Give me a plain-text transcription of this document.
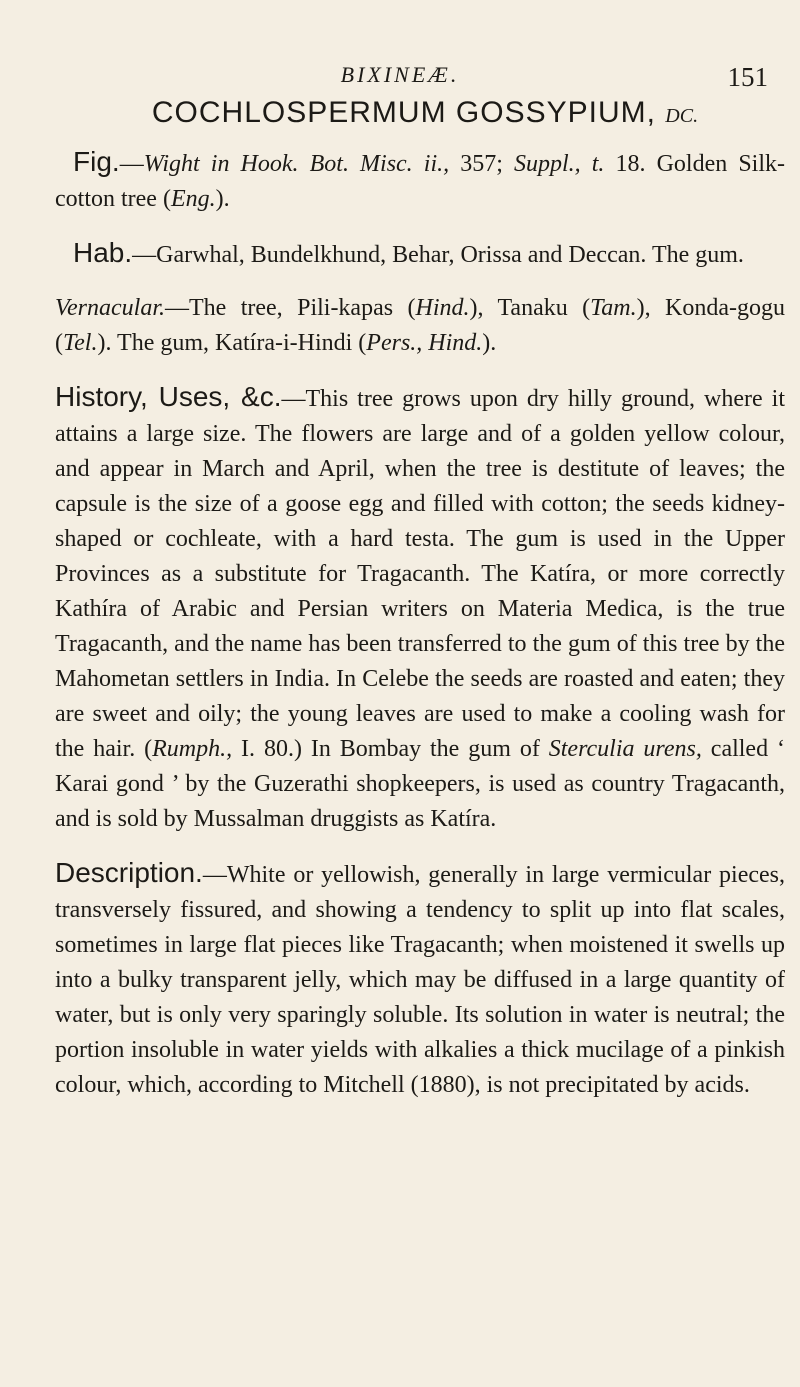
BIXINEÆ.	151
COCHLOSPERMUM GOSSYPIUM, DC.

Fig.—Wight in Hook. Bot. Misc. ii., 357; Suppl., t. 18. Golden Silk-cotton tree (Eng.).

Hab.—Garwhal, Bundelkhund, Behar, Orissa and Deccan. The gum.

Vernacular.—The tree, Pili-kapas (Hind.), Tanaku (Tam.), Konda-gogu (Tel.). The gum, Katíra-i-Hindi (Pers., Hind.).

History, Uses, &c.—This tree grows upon dry hilly ground, where it attains a large size. The flowers are large and of a golden yellow colour, and appear in March and April, when the tree is destitute of leaves; the capsule is the size of a goose egg and filled with cotton; the seeds kidney-shaped or cochleate, with a hard testa. The gum is used in the Upper Provinces as a substitute for Tragacanth. The Katíra, or more correctly Kathíra of Arabic and Persian writers on Materia Medica, is the true Tragacanth, and the name has been transferred to the gum of this tree by the Mahometan settlers in India. In Celebe the seeds are roasted and eaten; they are sweet and oily; the young leaves are used to make a cooling wash for the hair. (Rumph., I. 80.) In Bombay the gum of Sterculia urens, called ‘ Karai gond ’ by the Guzerathi shopkeepers, is used as country Tragacanth, and is sold by Mussalman druggists as Katíra.

Description.—White or yellowish, generally in large vermicular pieces, transversely fissured, and showing a tendency to split up into flat scales, sometimes in large flat pieces like Tragacanth; when moistened it swells up into a bulky transparent jelly, which may be diffused in a large quantity of water, but is only very sparingly soluble. Its solution in water is neutral; the portion insoluble in water yields with alkalies a thick mucilage of a pinkish colour, which, according to Mitchell (1880), is not precipitated by acids.
